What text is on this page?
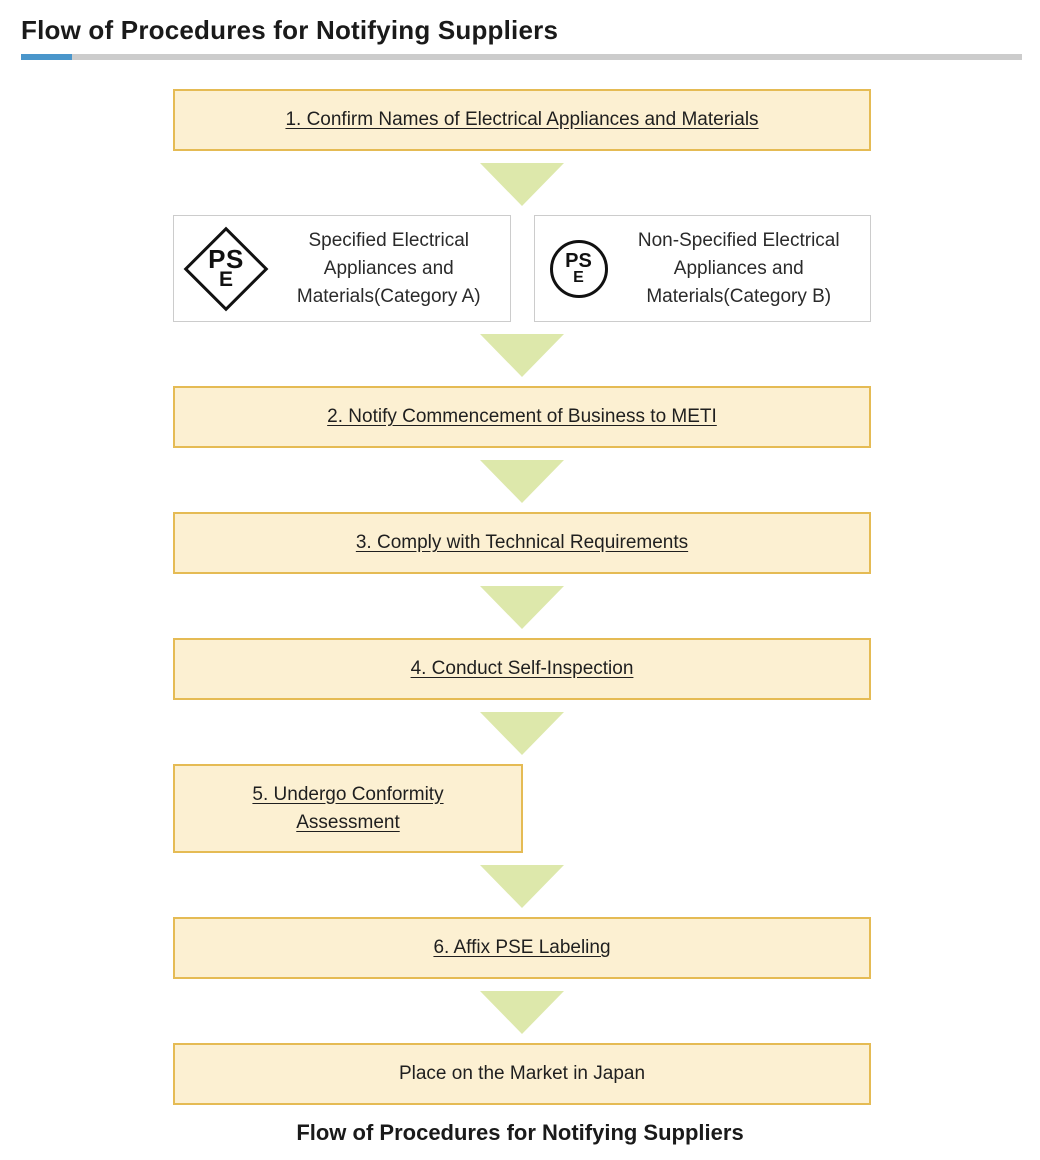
Flow of Procedures for Notifying Suppliers
1. Confirm Names of Electrical Appliances and Materials
PS
E
Specified Electrical
Appliances and
Materials(Category A)
PS
E
Non-Specified Electrical
Appliances and
Materials(Category B)
2. Notify Commencement of Business to METI
3. Comply with Technical Requirements
4. Conduct Self-Inspection
5. Undergo Conformity Assessment
6. Affix PSE Labeling
Place on the Market in Japan
Flow of Procedures for Notifying Suppliers
